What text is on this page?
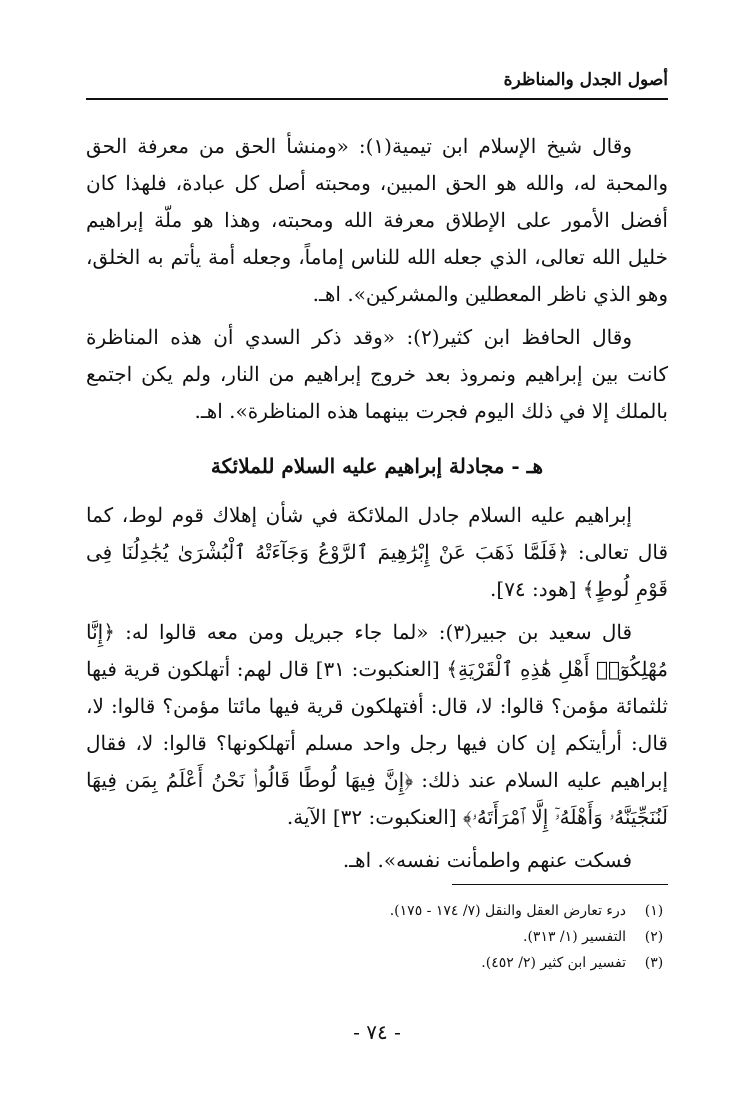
أصول الجدل والمناظرة

وقال شيخ الإسلام ابن تيمية(١): «ومنشأ الحق من معرفة الحق والمحبة له، والله هو الحق المبين، ومحبته أصل كل عبادة، فلهذا كان أفضل الأمور على الإطلاق معرفة الله ومحبته، وهذا هو ملّة إبراهيم خليل الله تعالى، الذي جعله الله للناس إماماً، وجعله أمة يأتم به الخلق، وهو الذي ناظر المعطلين والمشركين». اهـ.

وقال الحافظ ابن كثير(٢): «وقد ذكر السدي أن هذه المناظرة كانت بين إبراهيم ونمروذ بعد خروج إبراهيم من النار، ولم يكن اجتمع بالملك إلا في ذلك اليوم فجرت بينهما هذه المناظرة». اهـ.

هـ - مجادلة إبراهيم عليه السلام للملائكة

إبراهيم عليه السلام جادل الملائكة في شأن إهلاك قوم لوط، كما قال تعالى: ﴿فَلَمَّا ذَهَبَ عَنْ إِبْرَٰهِيمَ ٱلرَّوْعُ وَجَآءَتْهُ ٱلْبُشْرَىٰ يُجَٰدِلُنَا فِى قَوْمِ لُوطٍ﴾ [هود: ٧٤].

قال سعيد بن جبير(٣): «لما جاء جبريل ومن معه قالوا له: ﴿إِنَّا مُهْلِكُوٓا۟ أَهْلِ هَٰذِهِ ٱلْقَرْيَةِ﴾ [العنكبوت: ٣١] قال لهم: أتهلكون قرية فيها ثلثمائة مؤمن؟ قالوا: لا، قال: أفتهلكون قرية فيها مائتا مؤمن؟ قالوا: لا، قال: أرأيتكم إن كان فيها رجل واحد مسلم أتهلكونها؟ قالوا: لا، فقال إبراهيم عليه السلام عند ذلك: ﴿إِنَّ فِيهَا لُوطًا قَالُوا۟ نَحْنُ أَعْلَمُ بِمَن فِيهَا لَنُنَجِّيَنَّهُۥ وَأَهْلَهُۥٓ إِلَّا ٱمْرَأَتَهُۥ﴾ [العنكبوت: ٣٢] الآية.

فسكت عنهم واطمأنت نفسه». اهـ.

(١)
درء تعارض العقل والنقل (٧/ ١٧٤ - ١٧٥).
(٢)
التفسير (١/ ٣١٣).
(٣)
تفسير ابن كثير (٢/ ٤٥٢).
- ٧٤ -
